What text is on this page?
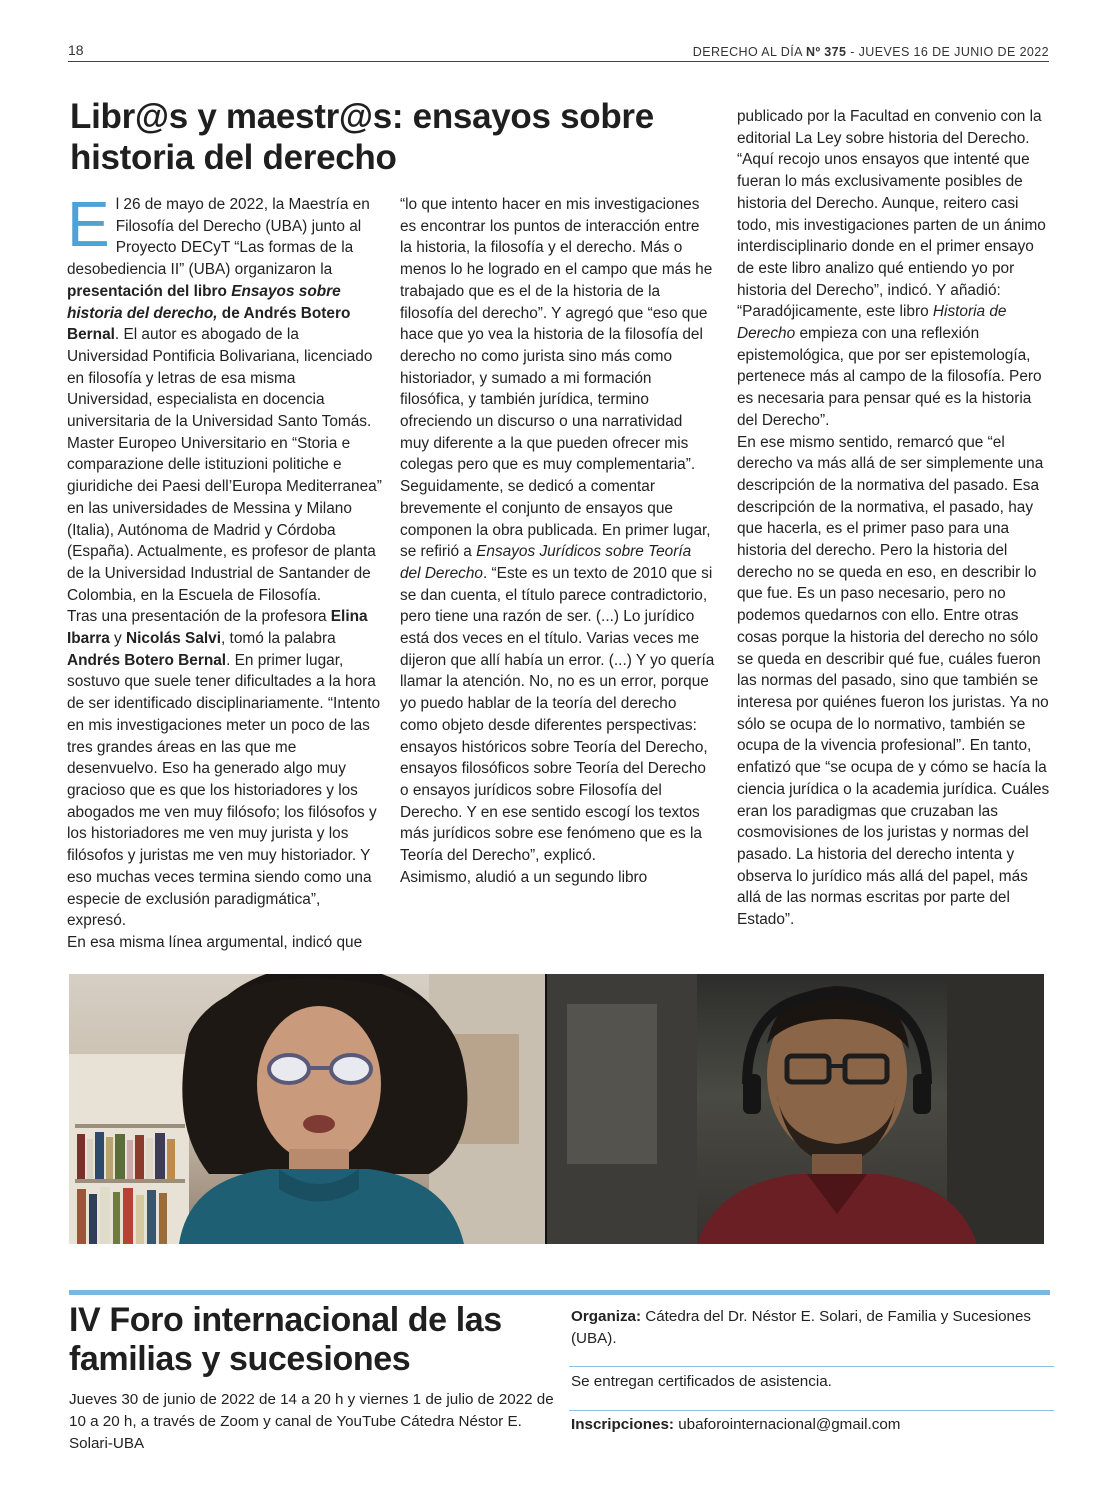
18	DERECHO AL DÍA Nº 375 - JUEVES 16 DE JUNIO DE 2022
Libr@s y maestr@s: ensayos sobre historia del derecho

El 26 de mayo de 2022, la Maestría en Filosofía del Derecho (UBA) junto al Proyecto DECyT “Las formas de la desobediencia II” (UBA) organizaron la presentación del libro Ensayos sobre historia del derecho, de Andrés Botero Bernal. El autor es abogado de la Universidad Pontificia Bolivariana, licenciado en filosofía y letras de esa misma Universidad, especialista en docencia universitaria de la Universidad Santo Tomás. Master Europeo Universitario en “Storia e comparazione delle istituzioni politiche e giuridiche dei Paesi dell’Europa Mediterranea” en las universidades de Messina y Milano (Italia), Autónoma de Madrid y Córdoba (España). Actualmente, es profesor de planta de la Universidad Industrial de Santander de Colombia, en la Escuela de Filosofía.

Tras una presentación de la profesora Elina Ibarra y Nicolás Salvi, tomó la palabra Andrés Botero Bernal. En primer lugar, sostuvo que suele tener dificultades a la hora de ser identificado disciplinariamente. “Intento en mis investigaciones meter un poco de las tres grandes áreas en las que me desenvuelvo. Eso ha generado algo muy gracioso que es que los historiadores y los abogados me ven muy filósofo; los filósofos y los historiadores me ven muy jurista y los filósofos y juristas me ven muy historiador. Y eso muchas veces termina siendo como una especie de exclusión paradigmática”, expresó.

En esa misma línea argumental, indicó que

“lo que intento hacer en mis investigaciones es encontrar los puntos de interacción entre la historia, la filosofía y el derecho. Más o menos lo he logrado en el campo que más he trabajado que es el de la historia de la filosofía del derecho”. Y agregó que “eso que hace que yo vea la historia de la filosofía del derecho no como jurista sino más como historiador, y sumado a mi formación filosófica, y también jurídica, termino ofreciendo un discurso o una narratividad muy diferente a la que pueden ofrecer mis colegas pero que es muy complementaria”.

Seguidamente, se dedicó a comentar brevemente el conjunto de ensayos que componen la obra publicada. En primer lugar, se refirió a Ensayos Jurídicos sobre Teoría del Derecho. “Este es un texto de 2010 que si se dan cuenta, el título parece contradictorio, pero tiene una razón de ser. (...) Lo jurídico está dos veces en el título. Varias veces me dijeron que allí había un error. (...) Y yo quería llamar la atención. No, no es un error, porque yo puedo hablar de la teoría del derecho como objeto desde diferentes perspectivas: ensayos históricos sobre Teoría del Derecho, ensayos filosóficos sobre Teoría del Derecho o ensayos jurídicos sobre Filosofía del Derecho. Y en ese sentido escogí los textos más jurídicos sobre ese fenómeno que es la Teoría del Derecho”, explicó.

Asimismo, aludió a un segundo libro

publicado por la Facultad en convenio con la editorial La Ley sobre historia del Derecho. “Aquí recojo unos ensayos que intenté que fueran lo más exclusivamente posibles de historia del Derecho. Aunque, reitero casi todo, mis investigaciones parten de un ánimo interdisciplinario donde en el primer ensayo de este libro analizo qué entiendo yo por historia del Derecho”, indicó. Y añadió: “Paradójicamente, este libro Historia de Derecho empieza con una reflexión epistemológica, que por ser epistemología, pertenece más al campo de la filosofía. Pero es necesaria para pensar qué es la historia del Derecho”.

En ese mismo sentido, remarcó que “el derecho va más allá de ser simplemente una descripción de la normativa del pasado. Esa descripción de la normativa, el pasado, hay que hacerla, es el primer paso para una historia del derecho. Pero la historia del derecho no se queda en eso, en describir lo que fue. Es un paso necesario, pero no podemos quedarnos con ello. Entre otras cosas porque la historia del derecho no sólo se queda en describir qué fue, cuáles fueron las normas del pasado, sino que también se interesa por quiénes fueron los juristas. Ya no sólo se ocupa de lo normativo, también se ocupa de la vivencia profesional”. En tanto, enfatizó que “se ocupa de y cómo se hacía la ciencia jurídica o la academia jurídica. Cuáles eran los paradigmas que cruzaban las cosmovisiones de los juristas y normas del pasado. La historia del derecho intenta y observa lo jurídico más allá del papel, más allá de las normas escritas por parte del Estado”.

IV Foro internacional de las familias y sucesiones
Jueves 30 de junio de 2022 de 14 a 20 h y viernes 1 de julio de 2022 de 10 a 20 h, a través de Zoom y canal de YouTube Cátedra Néstor E. Solari-UBA
Organiza: Cátedra del Dr. Néstor E. Solari, de Familia y Sucesiones (UBA).
Se entregan certificados de asistencia.
Inscripciones: ubaforointernacional@gmail.com
